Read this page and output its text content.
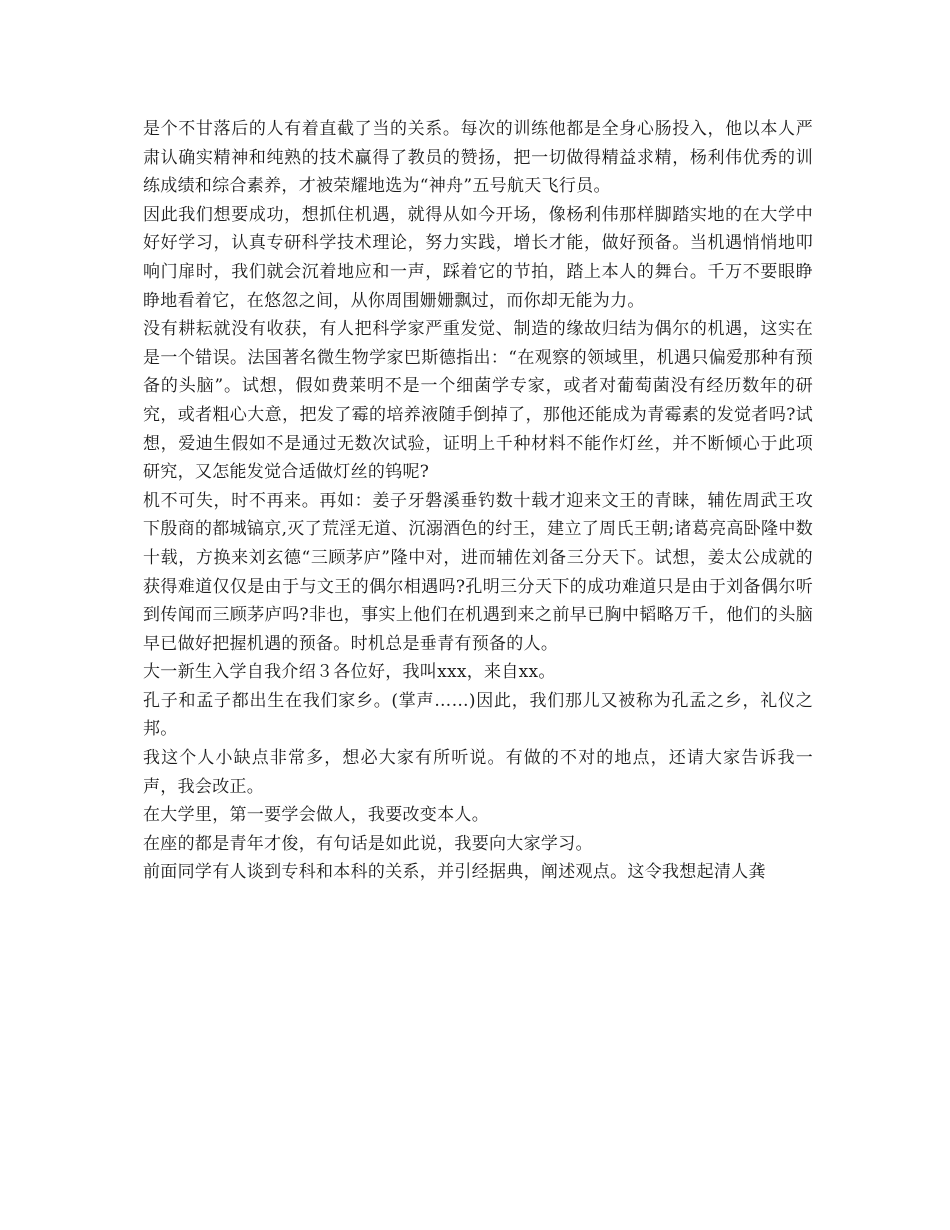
是个不甘落后的人有着直截了当的关系。每次的训练他都是全身心肠投入，他以本人严肃认确实精神和纯熟的技术赢得了教员的赞扬，把一切做得精益求精，杨利伟优秀的训练成绩和综合素养，才被荣耀地选为“神舟”五号航天飞行员。

因此我们想要成功，想抓住机遇，就得从如今开场，像杨利伟那样脚踏实地的在大学中好好学习，认真专研科学技术理论，努力实践，增长才能，做好预备。当机遇悄悄地叩响门扉时，我们就会沉着地应和一声，踩着它的节拍，踏上本人的舞台。千万不要眼睁睁地看着它，在悠忽之间，从你周围姗姗飘过，而你却无能为力。

没有耕耘就没有收获，有人把科学家严重发觉、制造的缘故归结为偶尔的机遇，这实在是一个错误。法国著名微生物学家巴斯德指出：“在观察的领域里，机遇只偏爱那种有预备的头脑”。试想，假如费莱明不是一个细菌学专家，或者对葡萄菌没有经历数年的研究，或者粗心大意，把发了霉的培养液随手倒掉了，那他还能成为青霉素的发觉者吗?试想，爱迪生假如不是通过无数次试验，证明上千种材料不能作灯丝，并不断倾心于此项研究，又怎能发觉合适做灯丝的钨呢?

机不可失，时不再来。再如：姜子牙磐溪垂钓数十载才迎来文王的青睐，辅佐周武王攻下殷商的都城镐京,灭了荒淫无道、沉溺酒色的纣王，建立了周氏王朝;诸葛亮高卧隆中数十载，方换来刘玄德“三顾茅庐”隆中对，进而辅佐刘备三分天下。试想，姜太公成就的获得难道仅仅是由于与文王的偶尔相遇吗?孔明三分天下的成功难道只是由于刘备偶尔听到传闻而三顾茅庐吗?非也，事实上他们在机遇到来之前早已胸中韬略万千，他们的头脑早已做好把握机遇的预备。时机总是垂青有预备的人。

大一新生入学自我介绍３各位好，我叫xxx，来自xx。

孔子和孟子都出生在我们家乡。(掌声……)因此，我们那儿又被称为孔孟之乡，礼仪之邦。

我这个人小缺点非常多，想必大家有所听说。有做的不对的地点，还请大家告诉我一声，我会改正。

在大学里，第一要学会做人，我要改变本人。

在座的都是青年才俊，有句话是如此说，我要向大家学习。

前面同学有人谈到专科和本科的关系，并引经据典，阐述观点。这令我想起清人龚
